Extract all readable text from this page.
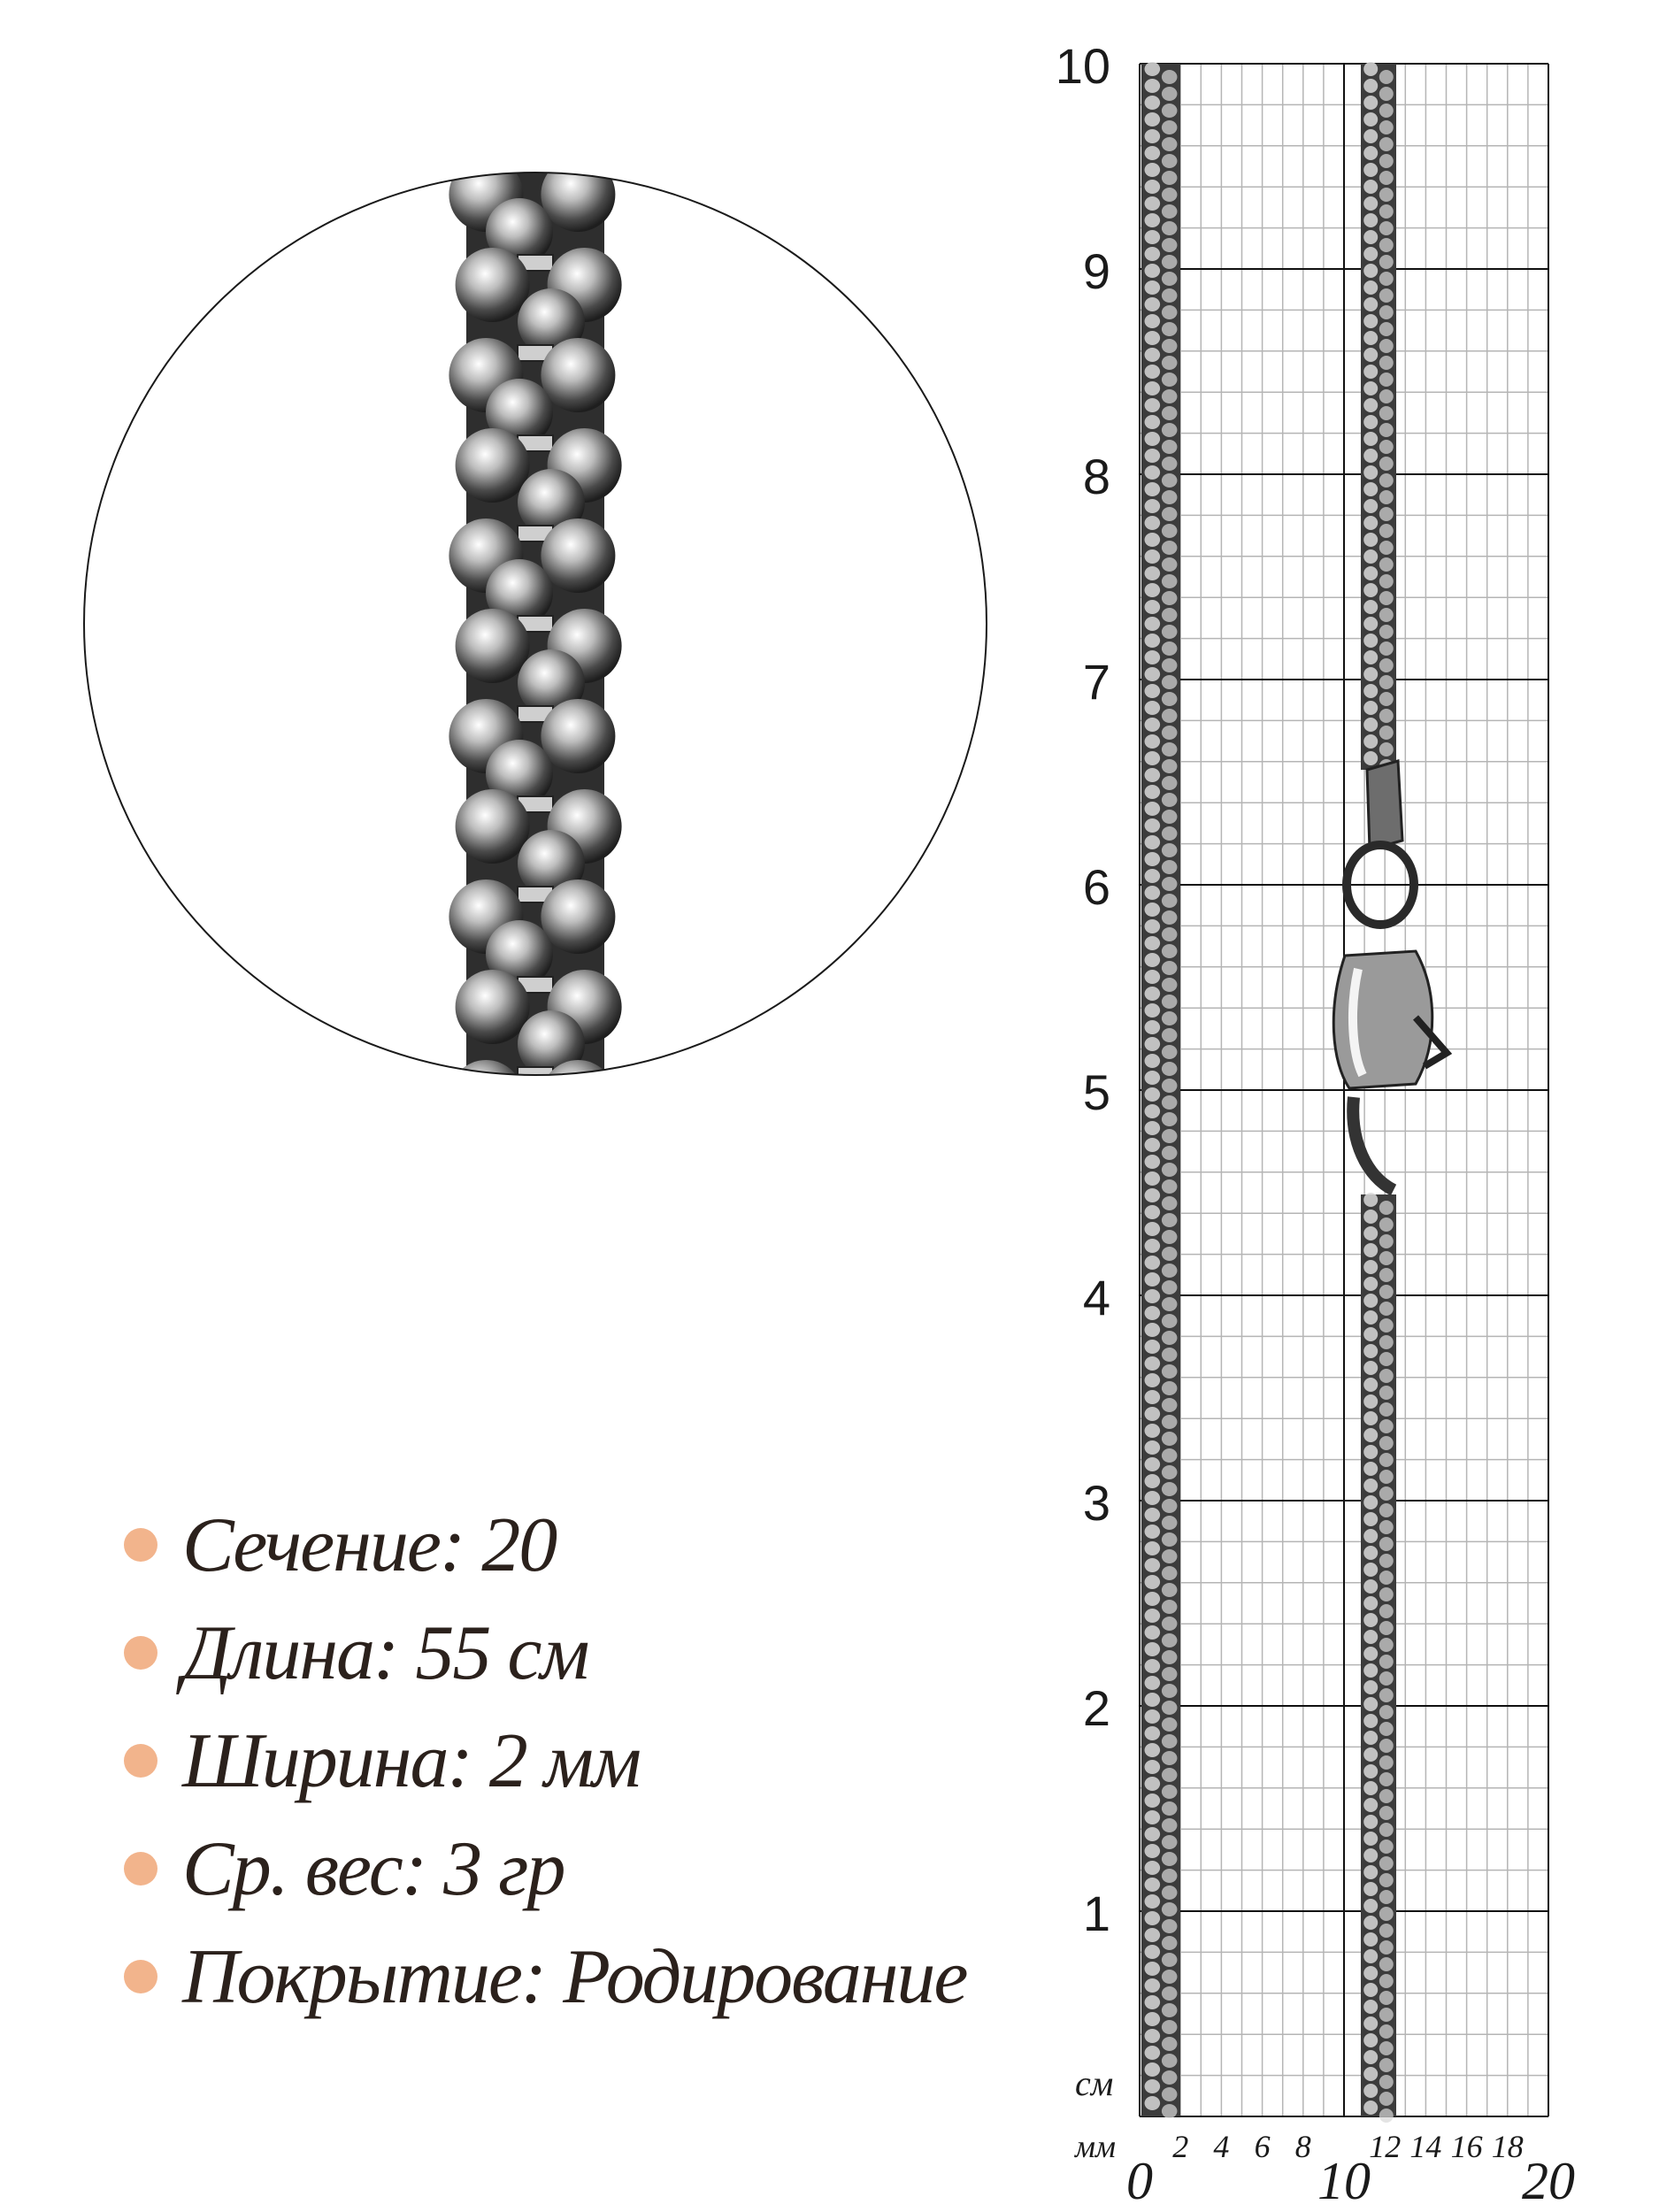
1
2
3
4
5
6
7
8
9
10
см
мм 2 4 6 8 12 14 16 18
0	10	20
Сечение: 20
Длина: 55 см
Ширина: 2 мм
Ср. вес: 3 гр
Покрытие: Родирование
